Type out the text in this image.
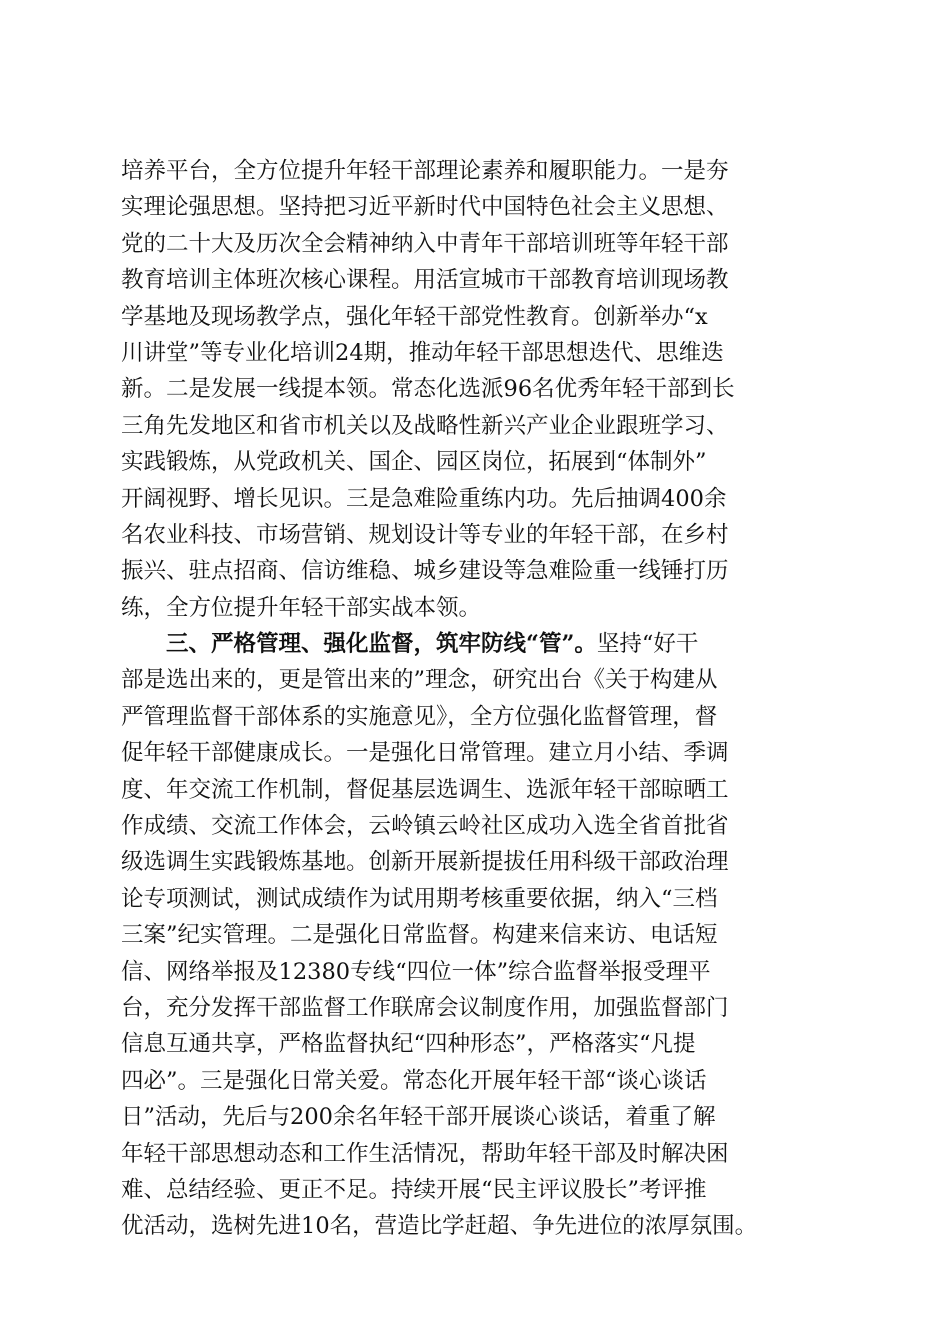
培养平台，全方位提升年轻干部理论素养和履职能力。一是夯
实理论强思想。坚持把习近平新时代中国特色社会主义思想、
党的二十大及历次全会精神纳入中青年干部培训班等年轻干部
教育培训主体班次核心课程。用活宣城市干部教育培训现场教
学基地及现场教学点，强化年轻干部党性教育。创新举办“x
川讲堂”等专业化培训24期，推动年轻干部思想迭代、思维迭
新。二是发展一线提本领。常态化选派96名优秀年轻干部到长
三角先发地区和省市机关以及战略性新兴产业企业跟班学习、
实践锻炼，从党政机关、国企、园区岗位，拓展到“体制外”
开阔视野、增长见识。三是急难险重练内功。先后抽调400余
名农业科技、市场营销、规划设计等专业的年轻干部，在乡村
振兴、驻点招商、信访维稳、城乡建设等急难险重一线锤打历
练，全方位提升年轻干部实战本领。
三、严格管理、强化监督，筑牢防线“管”。坚持“好干
部是选出来的，更是管出来的”理念，研究出台《关于构建从
严管理监督干部体系的实施意见》，全方位强化监督管理，督
促年轻干部健康成长。一是强化日常管理。建立月小结、季调
度、年交流工作机制，督促基层选调生、选派年轻干部晾晒工
作成绩、交流工作体会，云岭镇云岭社区成功入选全省首批省
级选调生实践锻炼基地。创新开展新提拔任用科级干部政治理
论专项测试，测试成绩作为试用期考核重要依据，纳入“三档
三案”纪实管理。二是强化日常监督。构建来信来访、电话短
信、网络举报及12380专线“四位一体”综合监督举报受理平
台，充分发挥干部监督工作联席会议制度作用，加强监督部门
信息互通共享，严格监督执纪“四种形态”，严格落实“凡提
四必”。三是强化日常关爱。常态化开展年轻干部“谈心谈话
日”活动，先后与200余名年轻干部开展谈心谈话，着重了解
年轻干部思想动态和工作生活情况，帮助年轻干部及时解决困
难、总结经验、更正不足。持续开展“民主评议股长”考评推
优活动，选树先进10名，营造比学赶超、争先进位的浓厚氛围。
